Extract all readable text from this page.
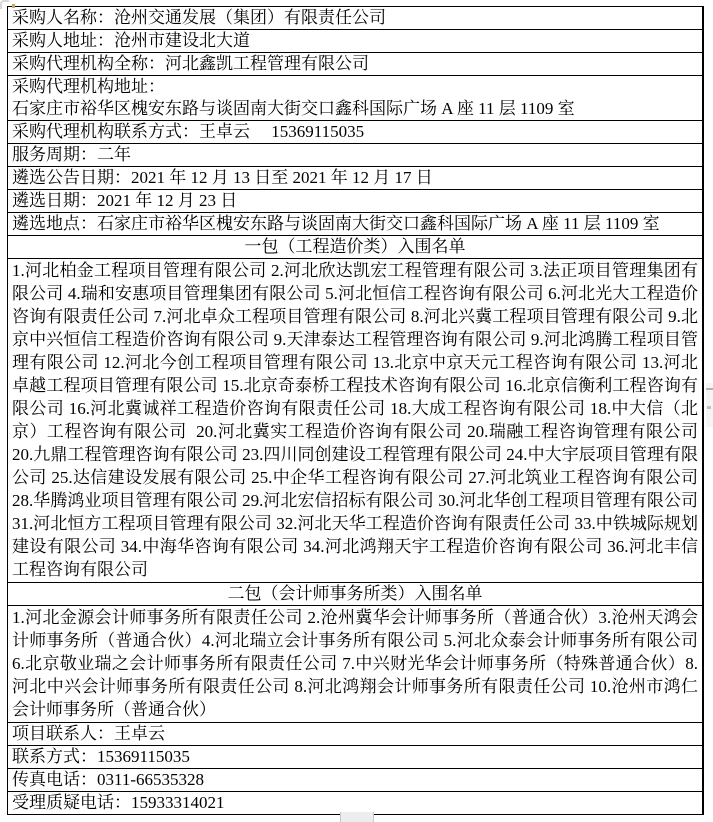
采购人名称：沧州交通发展（集团）有限责任公司
采购人地址：沧州市建设北大道
采购代理机构全称：河北鑫凯工程管理有限公司
采购代理机构地址：
石家庄市裕华区槐安东路与谈固南大街交口鑫科国际广场 A 座 11 层 1109 室
采购代理机构联系方式：王卓云     15369115035
服务周期：二年
遴选公告日期：2021 年 12 月 13 日至 2021 年 12 月 17 日
遴选日期：2021 年 12 月 23 日
遴选地点：石家庄市裕华区槐安东路与谈固南大街交口鑫科国际广场 A 座 11 层 1109 室
一包（工程造价类）入围名单
1.河北柏金工程项目管理有限公司 2.河北欣达凯宏工程管理有限公司 3.法正项目管理集团有限公司 4.瑞和安惠项目管理集团有限公司 5.河北恒信工程咨询有限公司 6.河北光大工程造价咨询有限责任公司 7.河北卓众工程项目管理有限公司 8.河北兴冀工程项目管理有限公司 9.北京中兴恒信工程造价咨询有限公司 9.天津泰达工程管理咨询有限公司 9.河北鸿腾工程项目管理有限公司 12.河北今创工程项目管理有限公司 13.北京中京天元工程咨询有限公司 13.河北卓越工程项目管理有限公司 15.北京奇泰桥工程技术咨询有限公司 16.北京信衡利工程咨询有限公司 16.河北冀诚祥工程造价咨询有限责任公司 18.大成工程咨询有限公司 18.中大信（北京）工程咨询有限公司  20.河北冀实工程造价咨询有限公司 20.瑞融工程咨询管理有限公司 20.九鼎工程管理咨询有限公司 23.四川同创建设工程管理有限公司 24.中大宇辰项目管理有限公司 25.达信建设发展有限公司 25.中企华工程咨询有限公司 27.河北筑业工程咨询有限公司 28.华腾鸿业项目管理有限公司 29.河北宏信招标有限公司 30.河北华创工程项目管理有限公司 31.河北恒方工程项目管理有限公司 32.河北天华工程造价咨询有限责任公司 33.中铁城际规划建设有限公司 34.中海华咨询有限公司 34.河北鸿翔天宇工程造价咨询有限公司 36.河北丰信工程咨询有限公司
二包（会计师事务所类）入围名单
1.河北金源会计师事务所有限责任公司 2.沧州冀华会计师事务所（普通合伙）3.沧州天鸿会计师事务所（普通合伙）4.河北瑞立会计事务所有限公司 5.河北众泰会计师事务所有限公司 6.北京敬业瑞之会计师事务所有限责任公司 7.中兴财光华会计师事务所（特殊普通合伙）8.河北中兴会计师事务所有限责任公司 8.河北鸿翔会计师事务所有限责任公司 10.沧州市鸿仁会计师事务所（普通合伙）
项目联系人：王卓云
联系方式：15369115035
传真电话：0311-66535328
受理质疑电话：15933314021
